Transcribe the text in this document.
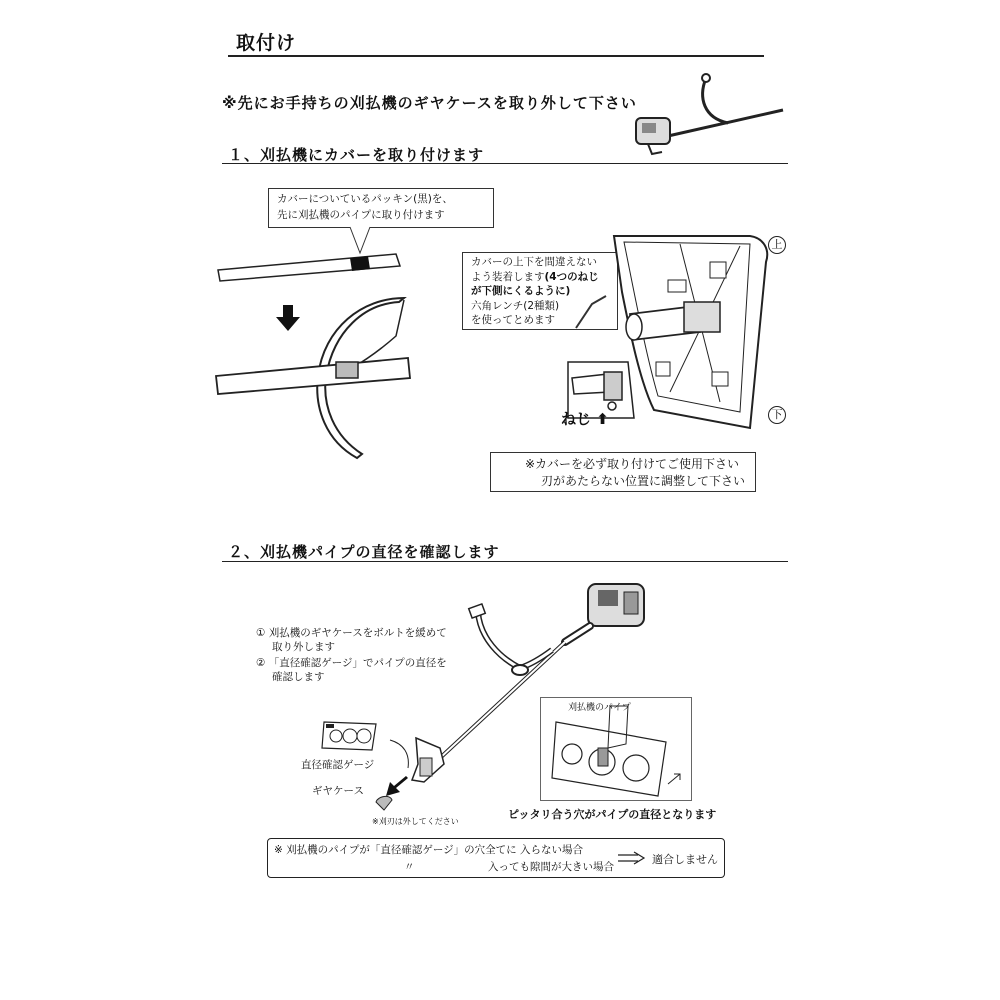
取付け
※先にお手持ちの刈払機のギヤケースを取り外して下さい
１、刈払機にカバーを取り付けます
カバーについているパッキン(黒)を、
先に刈払機のパイプに取り付けます
カバーの上下を間違えない
よう装着します(4つのねじ
が下側にくるように)
六角レンチ(2種類)
を使ってとめます
上
下
ねじ ⬆
※カバーを必ず取り付けてご使用下さい
刃があたらない位置に調整して下さい
２、刈払機パイプの直径を確認します
① 刈払機のギヤケースをボルトを緩めて
取り外します
② 「直径確認ゲージ」でパイプの直径を
確認します
直径確認ゲージ
ギヤケース
※刈刃は外してください
刈払機のパイプ
ピッタリ合う穴がパイプの直径となります
※ 刈払機のパイプが「直径確認ゲージ」の穴全てに 入らない場合
〃	入っても隙間が大きい場合
適合しません
